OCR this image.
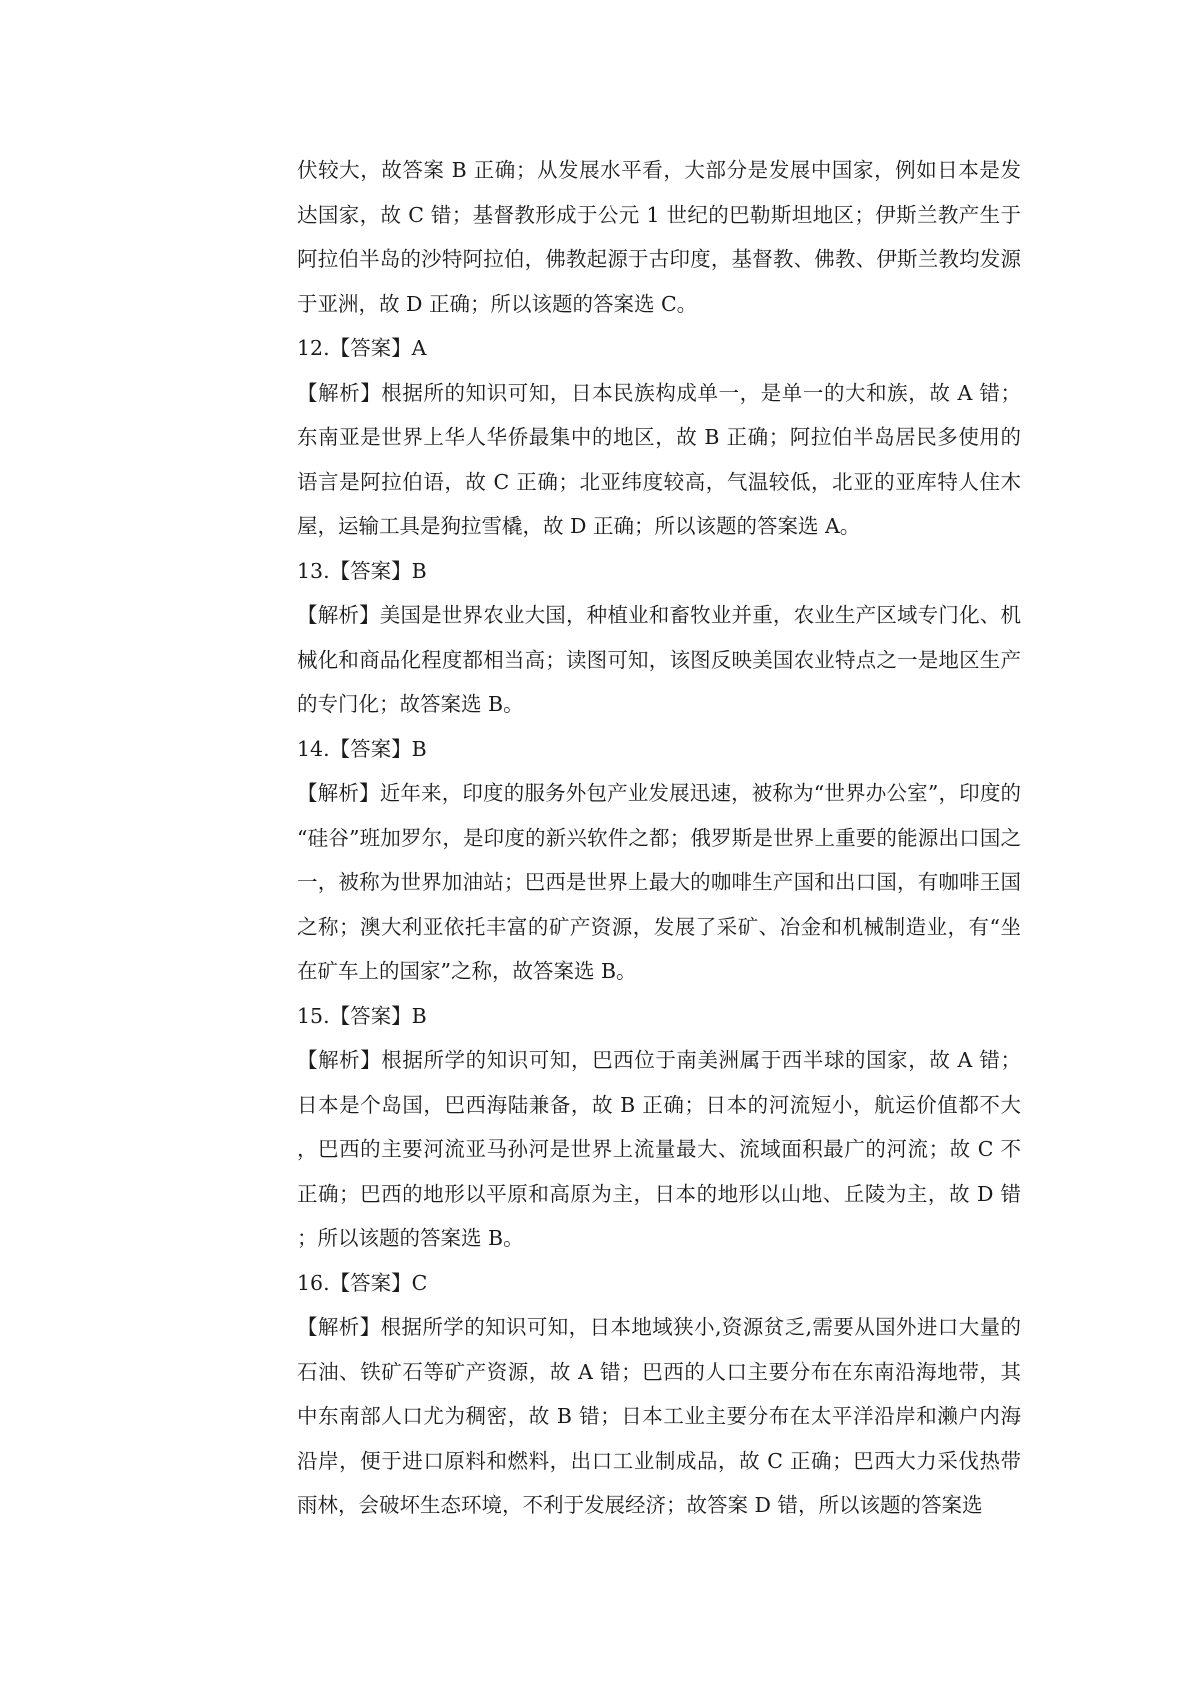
伏较大，故答案 B 正确；从发展水平看，大部分是发展中国家，例如日本是发达国家，故 C 错；基督教形成于公元 1 世纪的巴勒斯坦地区；伊斯兰教产生于阿拉伯半岛的沙特阿拉伯，佛教起源于古印度，基督教、佛教、伊斯兰教均发源于亚洲，故 D 正确；所以该题的答案选 C。

12.【答案】A

【解析】根据所的知识可知，日本民族构成单一，是单一的大和族，故 A 错；东南亚是世界上华人华侨最集中的地区，故 B 正确；阿拉伯半岛居民多使用的语言是阿拉伯语，故 C 正确；北亚纬度较高，气温较低，北亚的亚库特人住木屋，运输工具是狗拉雪橇，故 D 正确；所以该题的答案选 A。

13.【答案】B

【解析】美国是世界农业大国，种植业和畜牧业并重，农业生产区域专门化、机械化和商品化程度都相当高；读图可知，该图反映美国农业特点之一是地区生产的专门化；故答案选 B。

14.【答案】B

【解析】近年来，印度的服务外包产业发展迅速，被称为“世界办公室”，印度的“硅谷”班加罗尔，是印度的新兴软件之都；俄罗斯是世界上重要的能源出口国之一，被称为世界加油站；巴西是世界上最大的咖啡生产国和出口国，有咖啡王国之称；澳大利亚依托丰富的矿产资源，发展了采矿、冶金和机械制造业，有“坐在矿车上的国家”之称，故答案选 B。

15.【答案】B

【解析】根据所学的知识可知，巴西位于南美洲属于西半球的国家，故 A 错；日本是个岛国，巴西海陆兼备，故 B 正确；日本的河流短小，航运价值都不大，巴西的主要河流亚马孙河是世界上流量最大、流域面积最广的河流；故 C 不正确；巴西的地形以平原和高原为主，日本的地形以山地、丘陵为主，故 D 错；所以该题的答案选 B。

16.【答案】C

【解析】根据所学的知识可知，日本地域狭小,资源贫乏,需要从国外进口大量的石油、铁矿石等矿产资源，故 A 错；巴西的人口主要分布在东南沿海地带，其中东南部人口尤为稠密，故 B 错；日本工业主要分布在太平洋沿岸和濑户内海沿岸，便于进口原料和燃料，出口工业制成品，故 C 正确；巴西大力采伐热带雨林，会破坏生态环境，不利于发展经济；故答案 D 错，所以该题的答案选
